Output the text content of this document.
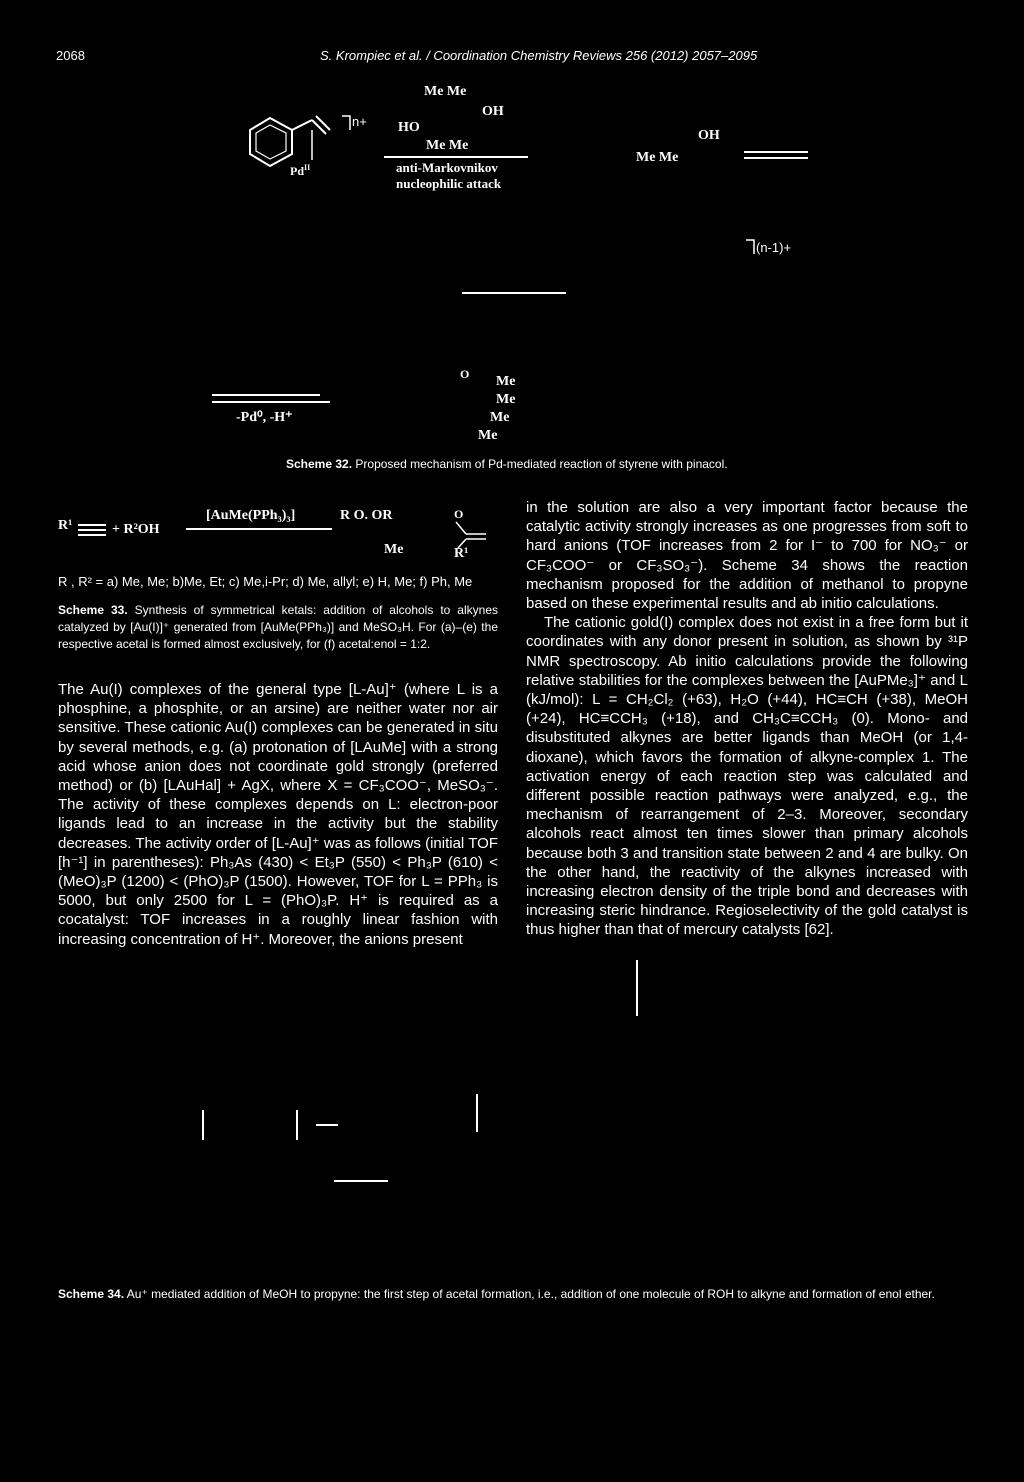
2068	S. Krompiec et al. / Coordination Chemistry Reviews 256 (2012) 2057–2095
$Pd^{II}$
n+
Me Me
OH
HO
Me Me
anti-Markovnikov
nucleophilic attack
OH
Me Me
(n-1)+
-Pd⁰, -H⁺
O Me
Me
Me
Me
Scheme 32. Proposed mechanism of Pd-mediated reaction of styrene with pinacol.
R¹	+ R²OH
[AuMe(PPh₃)₃]	R O. OR
Me
O
R¹
R , R² = a) Me, Me; b)Me, Et; c) Me,i-Pr; d) Me, allyl; e) H, Me; f) Ph, Me
Scheme 33. Synthesis of symmetrical ketals: addition of alcohols to alkynes catalyzed by [Au(I)]⁺ generated from [AuMe(PPh₃)] and MeSO₃H. For (a)–(e) the respective acetal is formed almost exclusively, for (f) acetal:enol = 1:2.

The Au(I) complexes of the general type [L-Au]⁺ (where L is a phosphine, a phosphite, or an arsine) are neither water nor air sensitive. These cationic Au(I) complexes can be generated in situ by several methods, e.g. (a) protonation of [LAuMe] with a strong acid whose anion does not coordinate gold strongly (preferred method) or (b) [LAuHal] + AgX, where X = CF₃COO⁻, MeSO₃⁻. The activity of these complexes depends on L: electron-poor ligands lead to an increase in the activity but the stability decreases. The activity order of [L-Au]⁺ was as follows (initial TOF [h⁻¹] in parentheses): Ph₃As (430) < Et₃P (550) < Ph₃P (610) < (MeO)₃P (1200) < (PhO)₃P (1500). However, TOF for L = PPh₃ is 5000, but only 2500 for L = (PhO)₃P. H⁺ is required as a cocatalyst: TOF increases in a roughly linear fashion with increasing concentration of H⁺. Moreover, the anions present

in the solution are also a very important factor because the catalytic activity strongly increases as one progresses from soft to hard anions (TOF increases from 2 for I⁻ to 700 for NO₃⁻ or CF₃COO⁻ or CF₃SO₃⁻). Scheme 34 shows the reaction mechanism proposed for the addition of methanol to propyne based on these experimental results and ab initio calculations.

The cationic gold(I) complex does not exist in a free form but it coordinates with any donor present in solution, as shown by ³¹P NMR spectroscopy. Ab initio calculations provide the following relative stabilities for the complexes between the [AuPMe₃]⁺ and L (kJ/mol): L = CH₂Cl₂ (+63), H₂O (+44), HC≡CH (+38), MeOH (+24), HC≡CCH₃ (+18), and CH₃C≡CCH₃ (0). Mono- and disubstituted alkynes are better ligands than MeOH (or 1,4-dioxane), which favors the formation of alkyne-complex 1. The activation energy of each reaction step was calculated and different possible reaction pathways were analyzed, e.g., the mechanism of rearrangement of 2–3. Moreover, secondary alcohols react almost ten times slower than primary alcohols because both 3 and transition state between 2 and 4 are bulky. On the other hand, the reactivity of the alkynes increased with increasing electron density of the triple bond and decreases with increasing steric hindrance. Regioselectivity of the gold catalyst is thus higher than that of mercury catalysts [62].

Scheme 34. Au⁺ mediated addition of MeOH to propyne: the first step of acetal formation, i.e., addition of one molecule of ROH to alkyne and formation of enol ether.
